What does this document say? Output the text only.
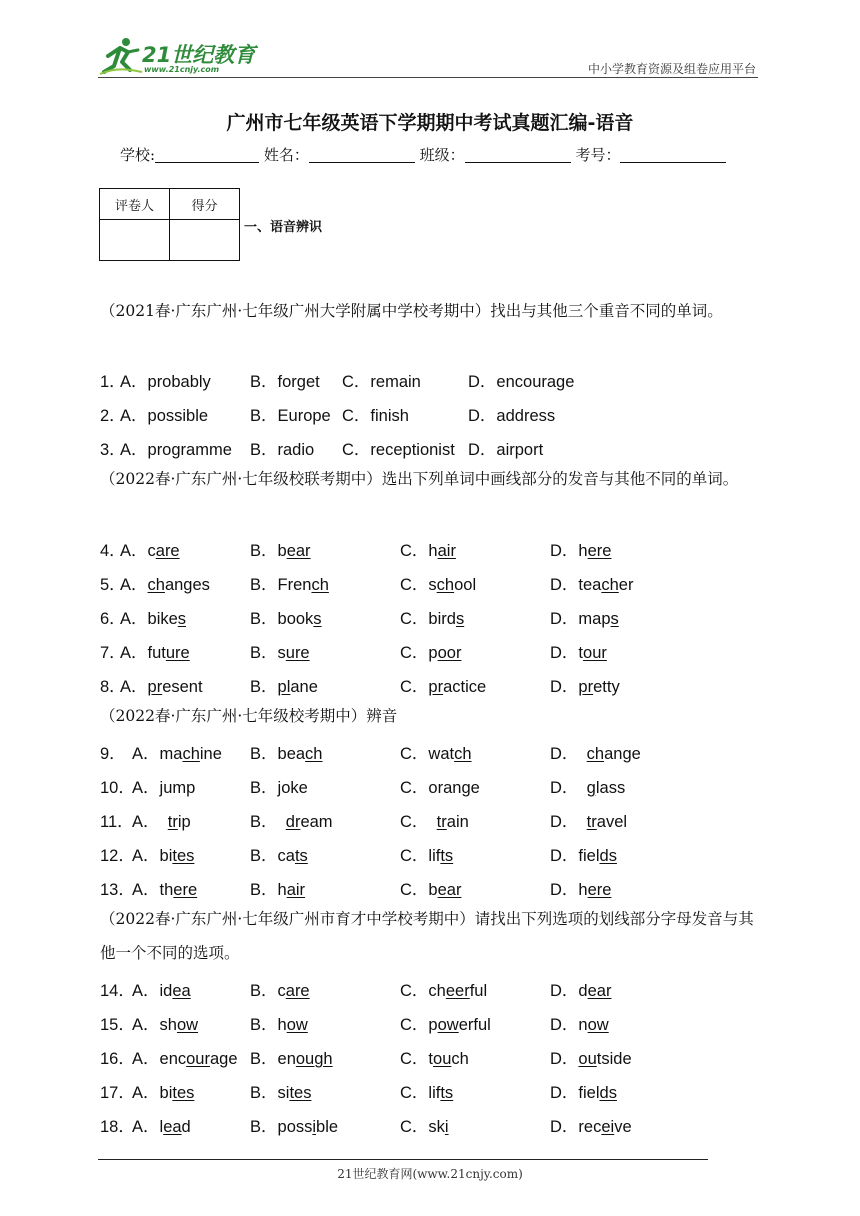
21世纪教育
www.21cnjy.com	中小学教育资源及组卷应用平台
广州市七年级英语下学期期中考试真题汇编-语音
学校:	姓名：	班级：	考号：
评卷人	得分

一、语音辨识
（2021春·广东广州·七年级广州大学附属中学校考期中）找出与其他三个重音不同的单词。
（2022春·广东广州·七年级校联考期中）选出下列单词中画线部分的发音与其他不同的单词。
（2022春·广东广州·七年级校考期中）辨音
（2022春·广东广州·七年级广州市育才中学校考期中）请找出下列选项的划线部分字母发音与其他一个不同的选项。
1．
A．probably B．forget C．remain	D．encourage
2．
A．possible	B．Europe C．finish	D．address
3．
A．programme B．radio C．receptionist D．airport
4．
A．care	B．bear	C．hair	D．here
5．
A．changes B．French	C．school	D．teacher
6．
A．bikes	B．books	C．birds	D．maps
7．
A．future	B．sure	C．poor	D．tour
8．
A．present	B．plane	C．practice	D．pretty
9． A．machine B．beach	C．watch	D．　change
10．
A．jump	B．joke	C．orange	D．　glass
11．
A．　trip	B．　dream	C．　train	D．　travel
12．
A．bites	B．cats	C．lifts	D．fields
13．
A．there	B．hair	C．bear	D．here
14．
A．idea	B．care	C．cheerful	D．dear
15．
A．show	B．how	C．powerful	D．now
16．
A．encourage B．enough	C．touch	D．outside
17．
A．bites	B．sites	C．lifts	D．fields
18．
A．lead	B．possible	C．ski	D．receive
21世纪教育网(www.21cnjy.com)
